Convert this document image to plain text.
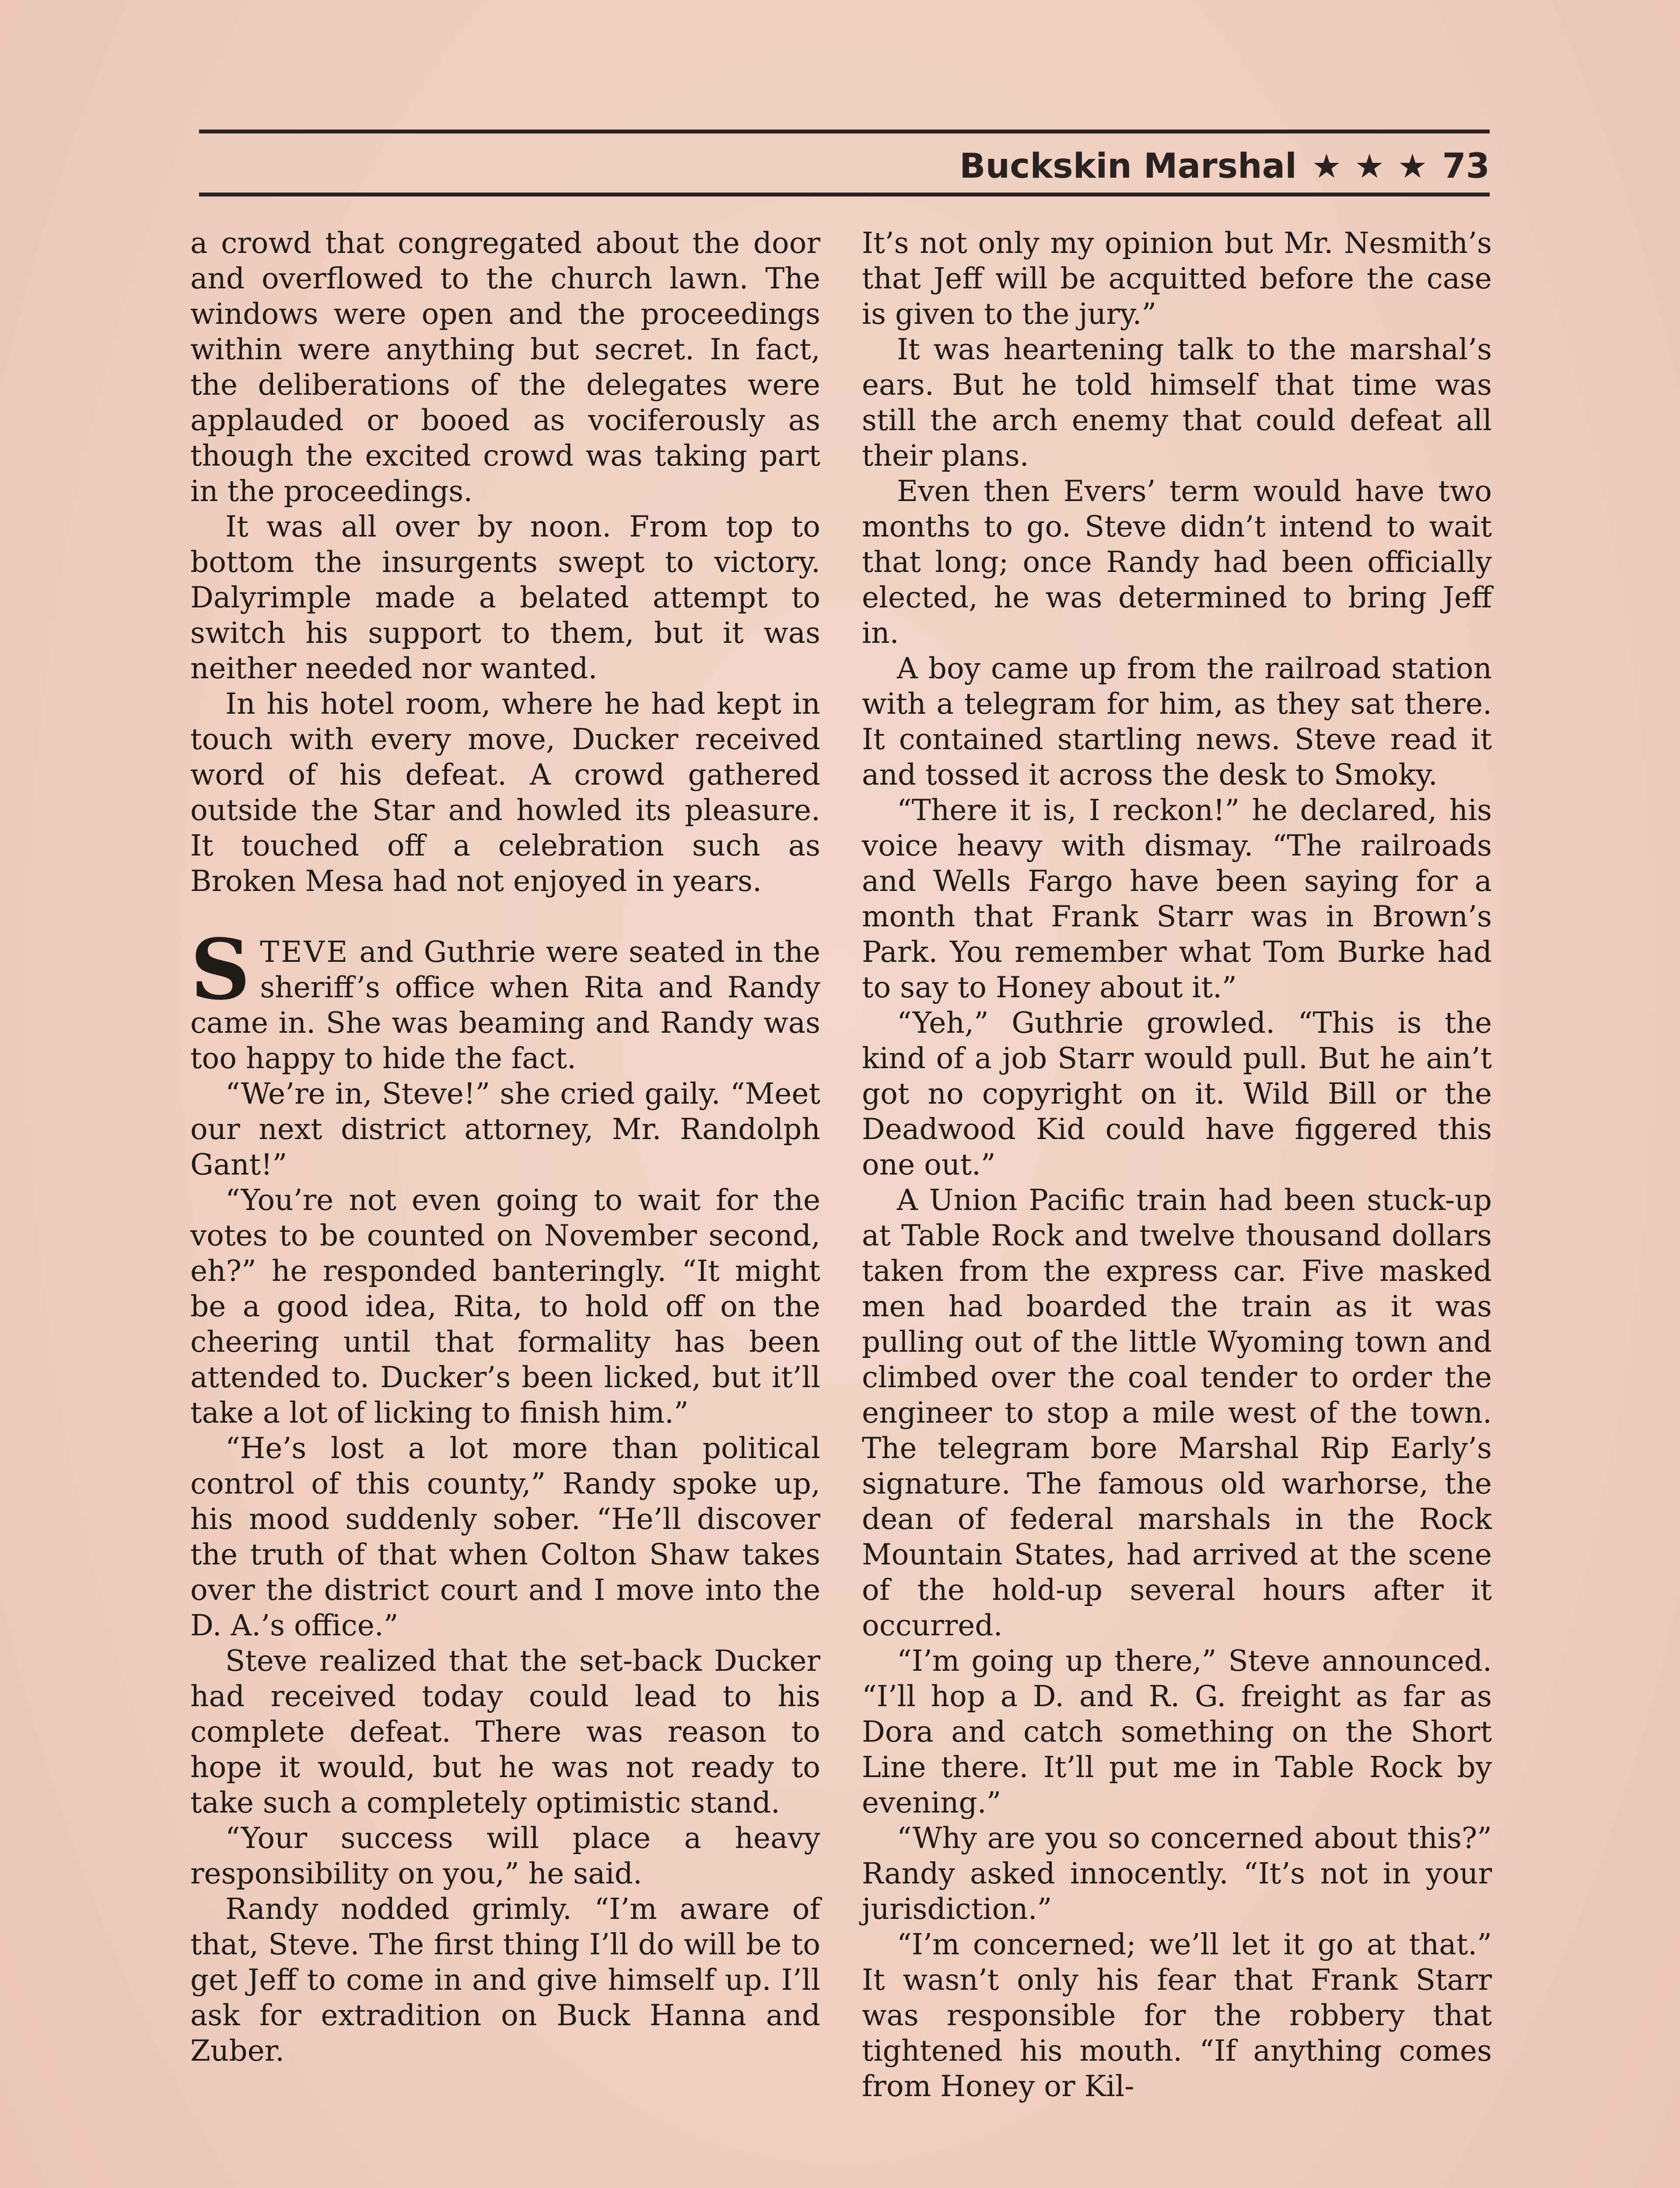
Buckskin Marshal ★ ★ ★ 73

a crowd that congregated about the door and overflowed to the church lawn. The windows were open and the proceedings within were anything but secret. In fact, the deliberations of the delegates were applauded or booed as vociferously as though the excited crowd was taking part in the proceedings.

It was all over by noon. From top to bottom the insurgents swept to victory. Dalyrimple made a belated attempt to switch his support to them, but it was neither needed nor wanted.

In his hotel room, where he had kept in touch with every move, Ducker received word of his defeat. A crowd gathered outside the Star and howled its pleasure. It touched off a celebration such as Broken Mesa had not enjoyed in years.

STEVE and Guthrie were seated in the sheriff’s office when Rita and Randy came in. She was beaming and Randy was too happy to hide the fact.

“We’re in, Steve!” she cried gaily. “Meet our next district attorney, Mr. Randolph Gant!”

“You’re not even going to wait for the votes to be counted on November second, eh?” he responded banteringly. “It might be a good idea, Rita, to hold off on the cheering until that formality has been attended to. Ducker’s been licked, but it’ll take a lot of licking to finish him.”

“He’s lost a lot more than political control of this county,” Randy spoke up, his mood suddenly sober. “He’ll discover the truth of that when Colton Shaw takes over the district court and I move into the D. A.’s office.”

Steve realized that the set-back Ducker had received today could lead to his complete defeat. There was reason to hope it would, but he was not ready to take such a completely optimistic stand.

“Your success will place a heavy responsibility on you,” he said.

Randy nodded grimly. “I’m aware of that, Steve. The first thing I’ll do will be to get Jeff to come in and give himself up. I’ll ask for extradition on Buck Hanna and Zuber.

It’s not only my opinion but Mr. Nesmith’s that Jeff will be acquitted before the case is given to the jury.”

It was heartening talk to the marshal’s ears. But he told himself that time was still the arch enemy that could defeat all their plans.

Even then Evers’ term would have two months to go. Steve didn’t intend to wait that long; once Randy had been officially elected, he was determined to bring Jeff in.

A boy came up from the railroad station with a telegram for him, as they sat there. It contained startling news. Steve read it and tossed it across the desk to Smoky.

“There it is, I reckon!” he declared, his voice heavy with dismay. “The railroads and Wells Fargo have been saying for a month that Frank Starr was in Brown’s Park. You remember what Tom Burke had to say to Honey about it.”

“Yeh,” Guthrie growled. “This is the kind of a job Starr would pull. But he ain’t got no copyright on it. Wild Bill or the Deadwood Kid could have figgered this one out.”

A Union Pacific train had been stuck-up at Table Rock and twelve thousand dollars taken from the express car. Five masked men had boarded the train as it was pulling out of the little Wyoming town and climbed over the coal tender to order the engineer to stop a mile west of the town. The telegram bore Marshal Rip Early’s signature. The famous old warhorse, the dean of federal marshals in the Rock Mountain States, had arrived at the scene of the hold-up several hours after it occurred.

“I’m going up there,” Steve announced. “I’ll hop a D. and R. G. freight as far as Dora and catch something on the Short Line there. It’ll put me in Table Rock by evening.”

“Why are you so concerned about this?” Randy asked innocently. “It’s not in your jurisdiction.”

“I’m concerned; we’ll let it go at that.” It wasn’t only his fear that Frank Starr was responsible for the robbery that tightened his mouth. “If anything comes from Honey or Kil-
